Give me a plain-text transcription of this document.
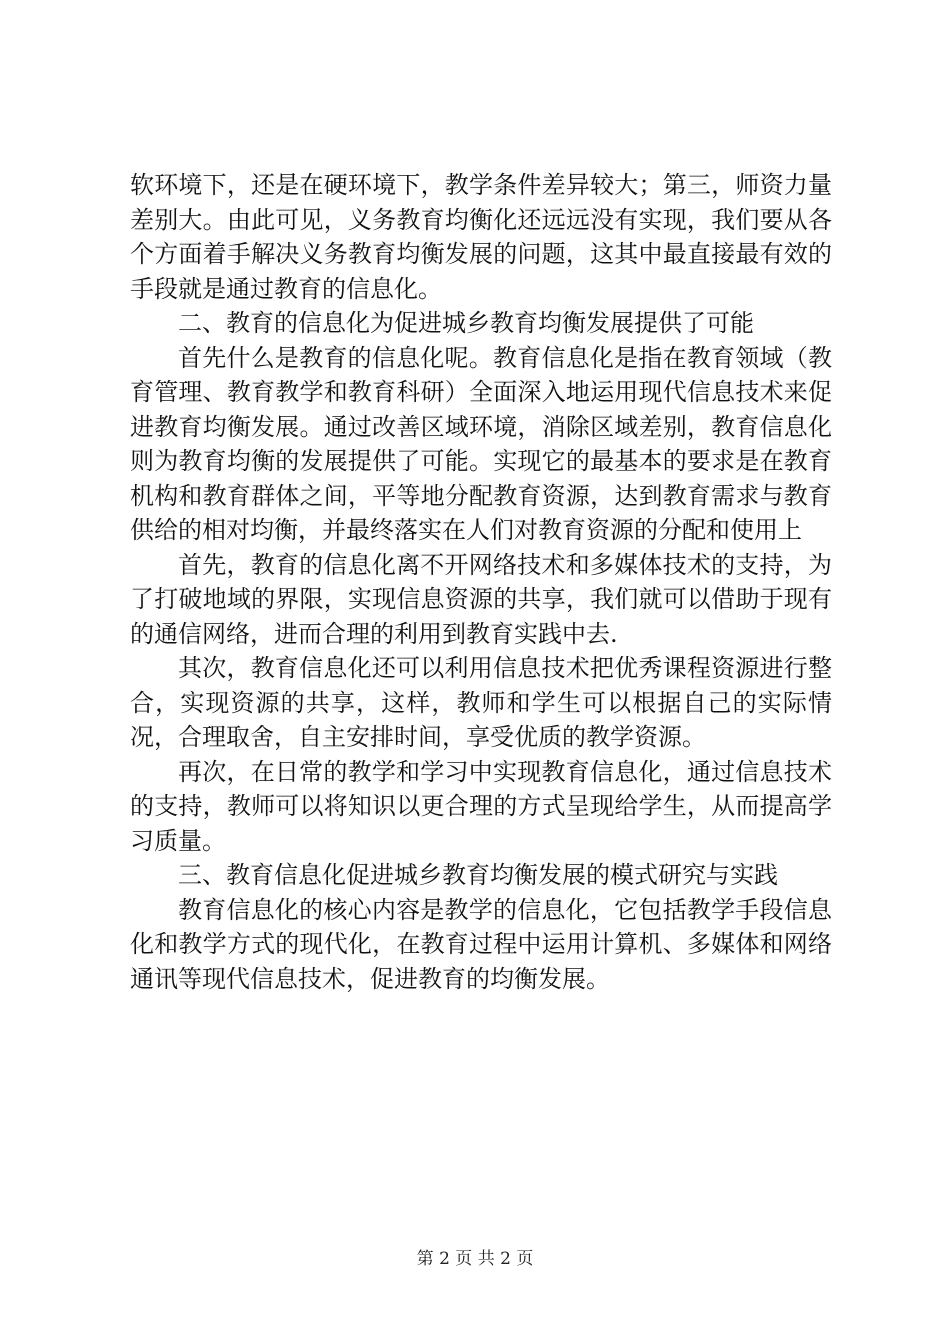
软环境下，还是在硬环境下，教学条件差异较大；第三，师资力量差别大。由此可见，义务教育均衡化还远远没有实现，我们要从各个方面着手解决义务教育均衡发展的问题，这其中最直接最有效的手段就是通过教育的信息化。

二、教育的信息化为促进城乡教育均衡发展提供了可能

首先什么是教育的信息化呢。教育信息化是指在教育领域（教育管理、教育教学和教育科研）全面深入地运用现代信息技术来促进教育均衡发展。通过改善区域环境，消除区域差别，教育信息化则为教育均衡的发展提供了可能。实现它的最基本的要求是在教育机构和教育群体之间，平等地分配教育资源，达到教育需求与教育供给的相对均衡，并最终落实在人们对教育资源的分配和使用上

首先，教育的信息化离不开网络技术和多媒体技术的支持，为了打破地域的界限，实现信息资源的共享，我们就可以借助于现有的通信网络，进而合理的利用到教育实践中去.

其次，教育信息化还可以利用信息技术把优秀课程资源进行整合，实现资源的共享，这样，教师和学生可以根据自己的实际情况，合理取舍，自主安排时间，享受优质的教学资源。

再次，在日常的教学和学习中实现教育信息化，通过信息技术的支持，教师可以将知识以更合理的方式呈现给学生，从而提高学习质量。

三、教育信息化促进城乡教育均衡发展的模式研究与实践

教育信息化的核心内容是教学的信息化，它包括教学手段信息化和教学方式的现代化，在教育过程中运用计算机、多媒体和网络通讯等现代信息技术，促进教育的均衡发展。

第 2 页 共 2 页
